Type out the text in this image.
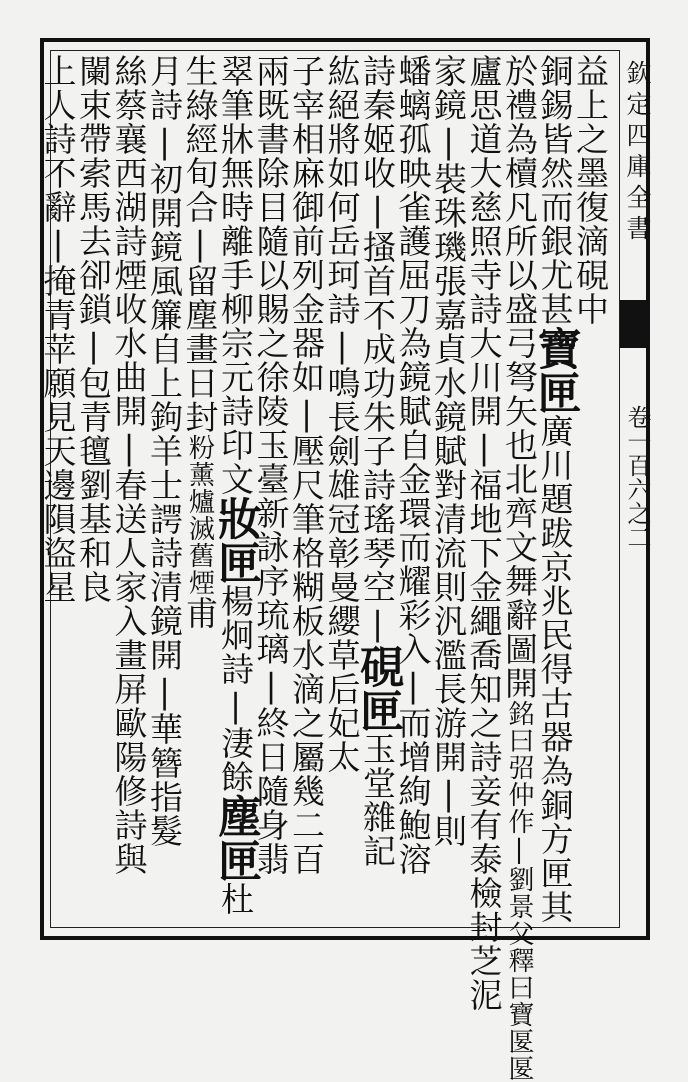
益上之墨復滴硯中
銅錫皆然而銀尤甚寶匣廣川題跋京兆民得古器為銅方匣其
於禮為櫝凡所以盛弓弩矢也北齊文舞辭圖開銘曰弨仲作|劉景父釋曰寶匽匽
廬思道大慈照寺詩大川開|福地下金繩喬知之詩妾有泰檢封芝泥
家鏡|裝珠璣張嘉貞水鏡賦對清流則汎濫長游開|則
蟠螭孤映雀護屈刀為鏡賦自金環而耀彩入|而增絢鮑溶
詩秦姬收|搔首不成功朱子詩瑤琴空|硯匣玉堂雜記
紘絕將如何岳珂詩|鳴長劍雄冠彰曼纓草后妃太
子宰相麻御前列金器如|壓尺筆格糊板水滴之屬幾二百
兩既書除目隨以賜之徐陵玉臺新詠序琉璃|終日隨身翡
翠筆牀無時離手柳宗元詩印文妝匣楊炯詩|淒餘塵匣杜
生綠經旬合|留塵畫日封粉薰爐滅舊煙甫
月詩|初開鏡風簾自上鉤羊士諤詩清鏡開|華簪指髮
絲蔡襄西湖詩煙收水曲開|春送人家入畫屏歐陽修詩與
闌束帶索馬去卻鎖|包青氊劉基和良
上人詩不辭|掩青苹願見天邊隕盜星	欽定四庫全書
卷一百六之二
